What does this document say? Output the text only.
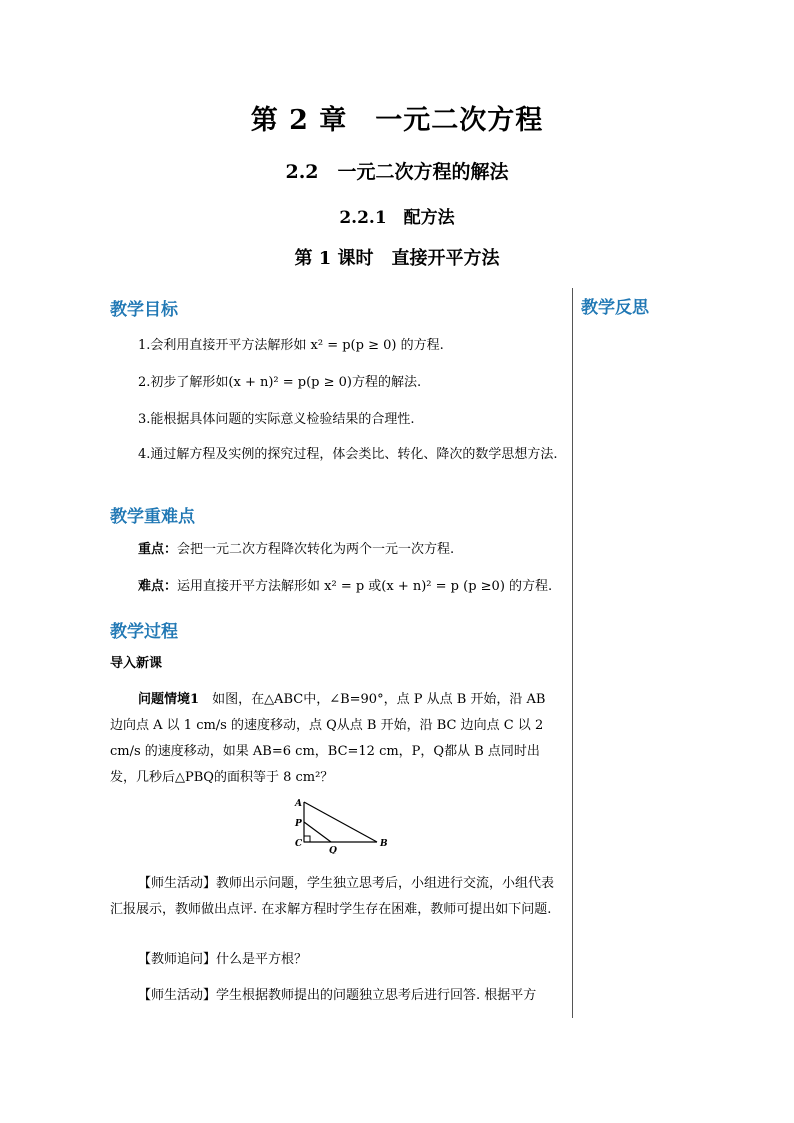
第 2 章　一元二次方程
2.2　一元二次方程的解法
2.2.1　配方法
第 1 课时　直接开平方法
教学反思
教学目标
1.会利用直接开平方法解形如 x² = p(p ≥ 0) 的方程.
2.初步了解形如(x + n)² = p(p ≥ 0)方程的解法.
3.能根据具体问题的实际意义检验结果的合理性.
4.通过解方程及实例的探究过程，体会类比、转化、降次的数学思想方法.
教学重难点
重点：会把一元二次方程降次转化为两个一元一次方程.
难点：运用直接开平方法解形如 x² = p 或(x + n)² = p (p ≥0) 的方程.
教学过程
导入新课
问题情境1　 如图，在△ABC中，∠B=90°，点 P 从点 B 开始，沿 AB 边向点 A 以 1 cm/s 的速度移动，点 Q从点 B 开始，沿 BC 边向点 C 以 2 cm/s 的速度移动，如果 AB=6 cm，BC=12 cm，P，Q都从 B 点同时出发，几秒后△PBQ的面积等于 8 cm²？
A
P
C
Q
B
【师生活动】教师出示问题，学生独立思考后，小组进行交流，小组代表汇报展示，教师做出点评. 在求解方程时学生存在困难，教师可提出如下问题.
【教师追问】什么是平方根？
【师生活动】学生根据教师提出的问题独立思考后进行回答. 根据平方
